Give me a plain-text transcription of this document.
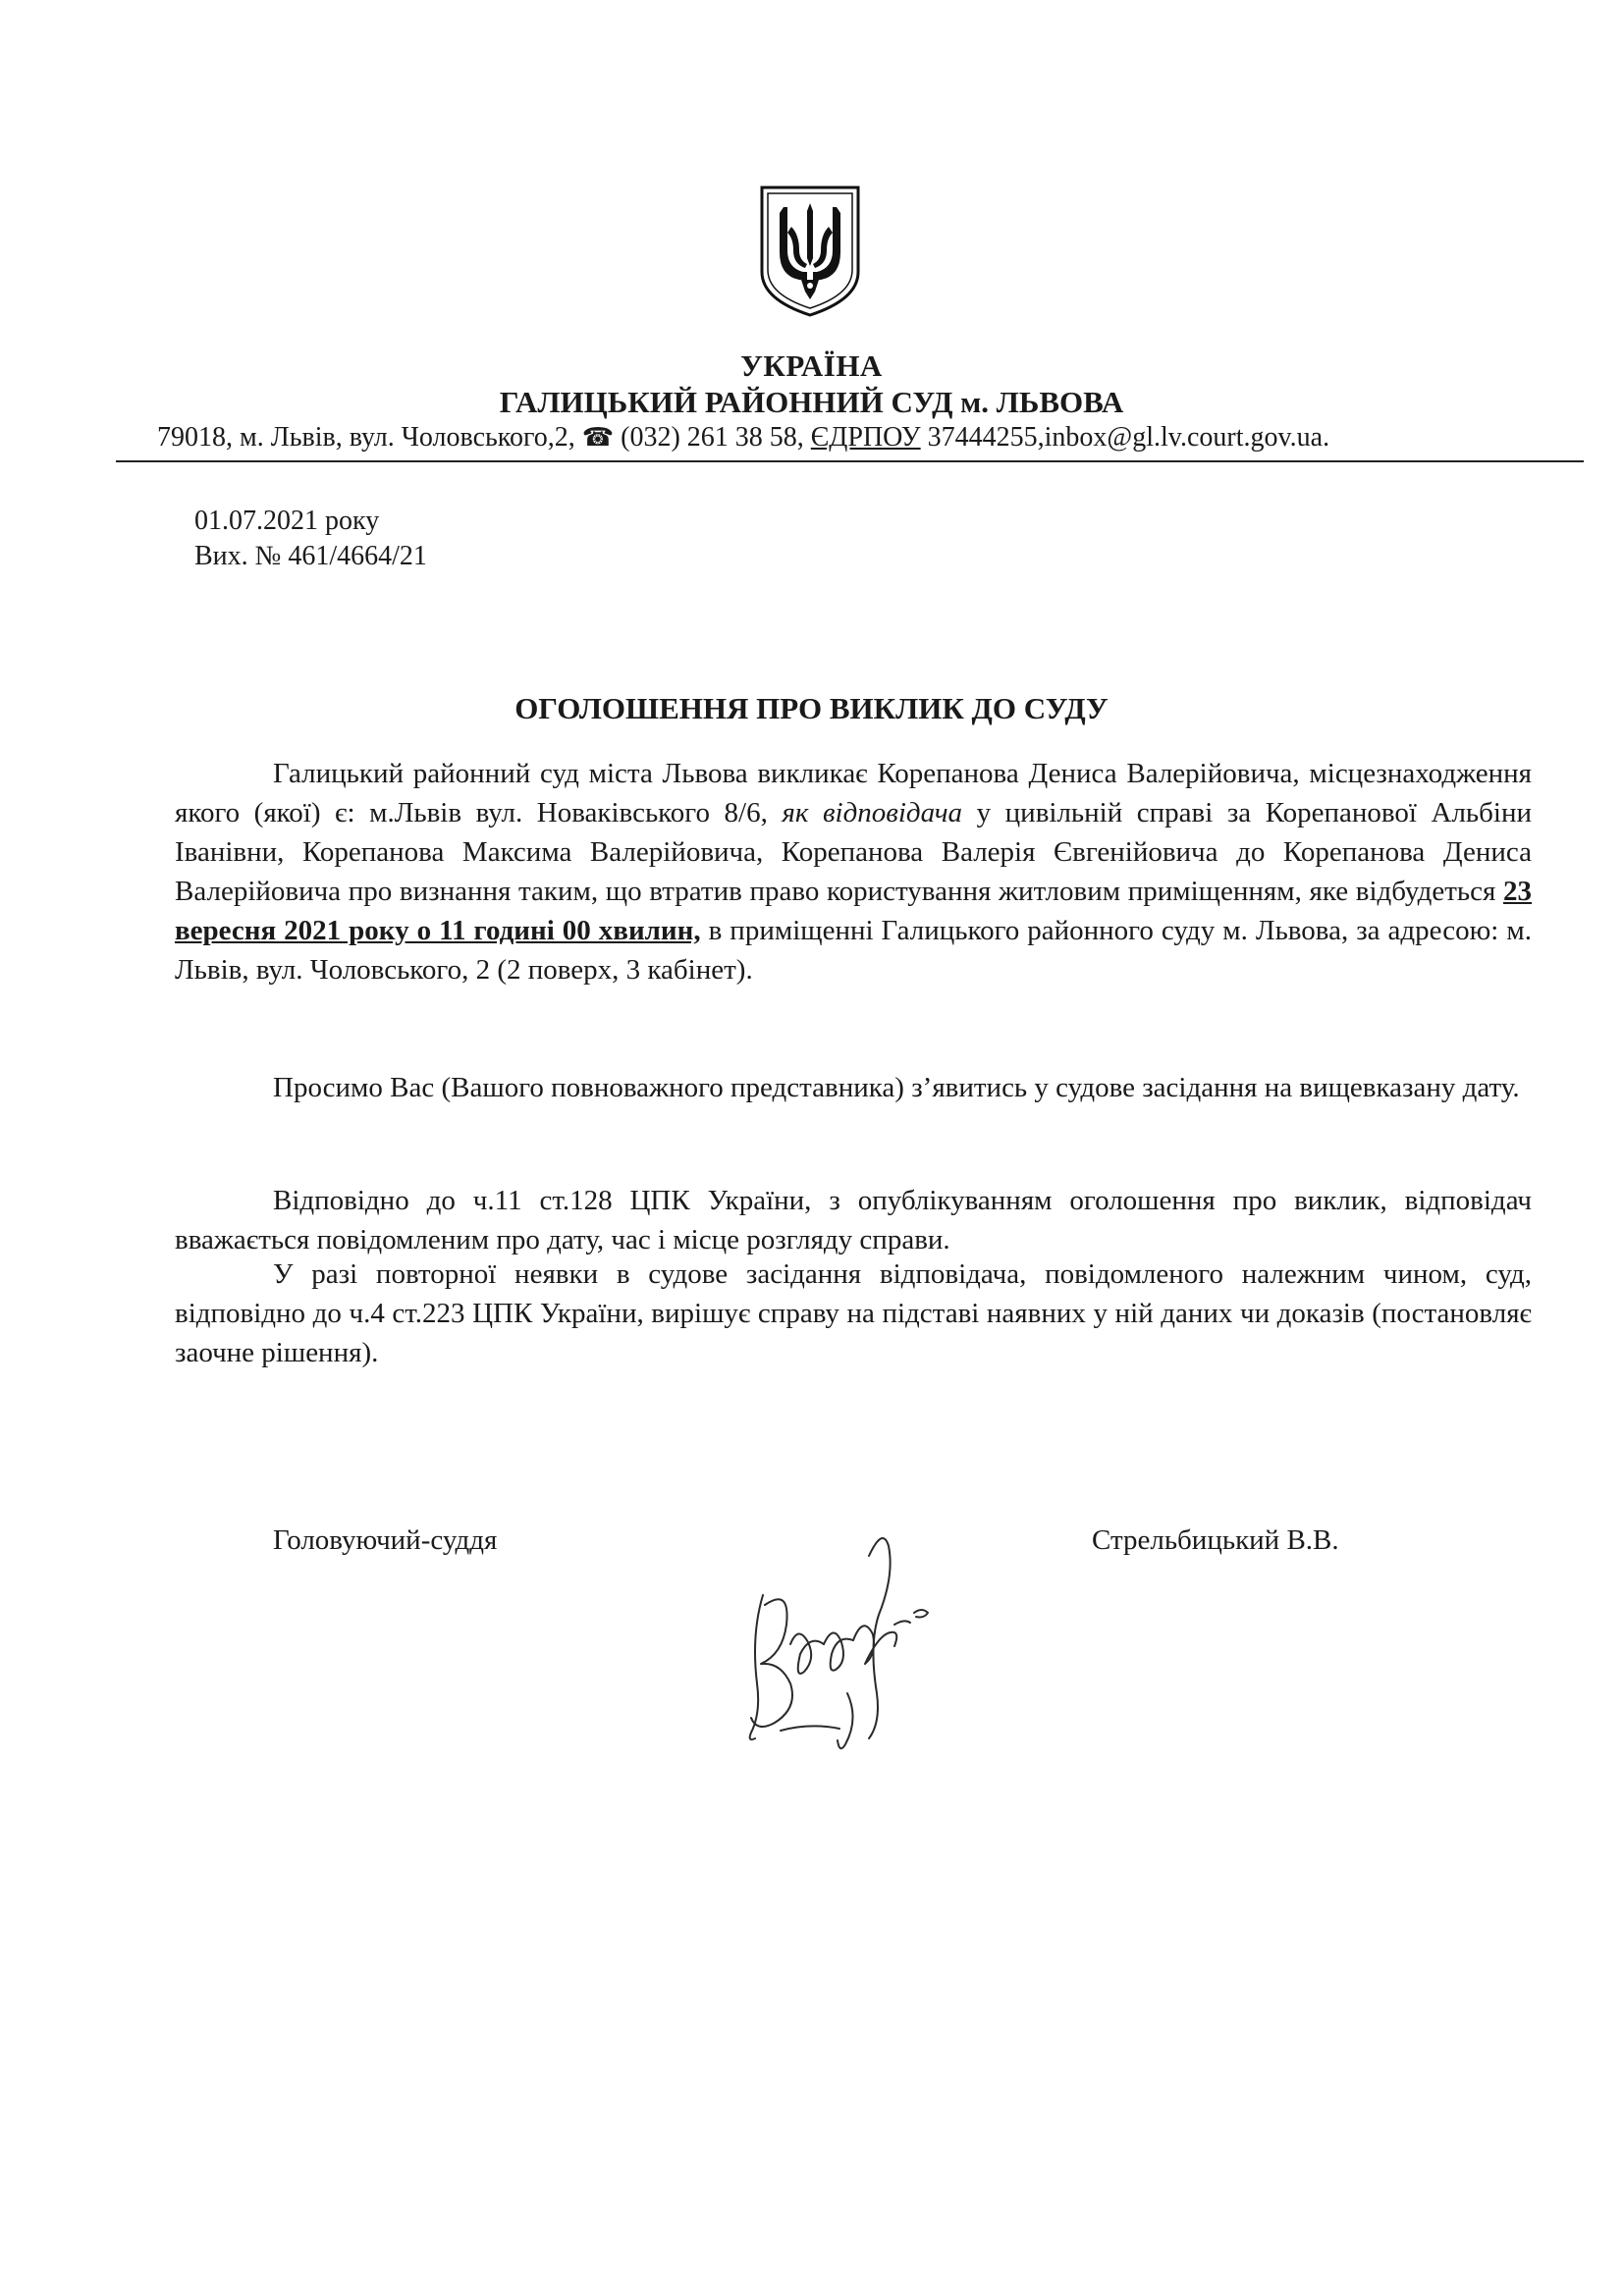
УКРАЇНА
ГАЛИЦЬКИЙ РАЙОННИЙ СУД м. ЛЬВОВА
79018, м. Львів, вул. Чоловського,2, ☎ (032) 261 38 58, ЄДРПОУ 37444255,inbox@gl.lv.court.gov.ua.
01.07.2021 року
Вих. № 461/4664/21
ОГОЛОШЕННЯ ПРО ВИКЛИК ДО СУДУ
Галицький районний суд міста Львова викликає Корепанова Дениса Валерійовича, місцезнаходження якого (якої) є: м.Львів вул. Новаківського 8/6, як відповідача у цивільній справі за Корепанової Альбіни Іванівни, Корепанова Максима Валерійовича, Корепанова Валерія Євгенійовича до Корепанова Дениса Валерійовича про визнання таким, що втратив право користування житловим приміщенням, яке відбудеться 23 вересня 2021 року о 11 годині 00 хвилин, в приміщенні Галицького районного суду м. Львова, за адресою: м. Львів, вул. Чоловського, 2 (2 поверх, 3 кабінет).
Просимо Вас (Вашого повноважного представника) з’явитись у судове засідання на вищевказану дату.
Відповідно до ч.11 ст.128 ЦПК України, з опублікуванням оголошення про виклик, відповідач вважається повідомленим про дату, час і місце розгляду справи.
У разі повторної неявки в судове засідання відповідача, повідомленого належним чином, суд, відповідно до ч.4 ст.223 ЦПК України, вирішує справу на підставі наявних у ній даних чи доказів (постановляє заочне рішення).
Головуючий-суддя	Стрельбицький В.В.
